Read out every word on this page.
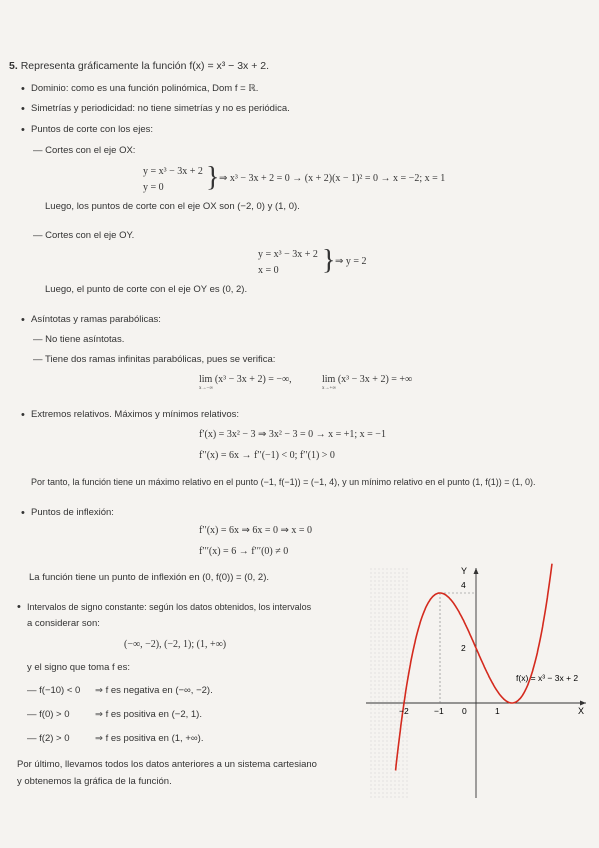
5. Representa gráficamente la función f(x) = x³ − 3x + 2.
• Dominio: como es una función polinómica, Dom f = ℝ.
• Simetrías y periodicidad: no tiene simetrías y no es periódica.
• Puntos de corte con los ejes:
— Cortes con el eje OX:
y = x³ − 3x + 2
y = 0 } ⇒ x³ − 3x + 2 = 0 → (x + 2)(x − 1)² = 0 → x = −2; x = 1
Luego, los puntos de corte con el eje OX son (−2, 0) y (1, 0).
— Cortes con el eje OY.
y = x³ − 3x + 2
x = 0 } ⇒ y = 2
Luego, el punto de corte con el eje OY es (0, 2).
• Asíntotas y ramas parabólicas:
— No tiene asíntotas.
— Tiene dos ramas infinitas parabólicas, pues se verifica:
lim (x³ − 3x + 2) = −∞,
x→−∞
lim (x³ − 3x + 2) = +∞
x→+∞
• Extremos relativos. Máximos y mínimos relativos:
f′(x) = 3x² − 3 ⇒ 3x² − 3 = 0 → x = +1; x = −1
f′′(x) = 6x → f′′(−1) < 0; f′′(1) > 0
Por tanto, la función tiene un máximo relativo en el punto (−1, f(−1)) = (−1, 4), y un mínimo relativo en el punto (1, f(1)) = (1, 0).
• Puntos de inflexión:
f′′(x) = 6x ⇒ 6x = 0 ⇒ x = 0
f′′′(x) = 6 → f′′′(0) ≠ 0
La función tiene un punto de inflexión en (0, f(0)) = (0, 2).
• Intervalos de signo constante: según los datos obtenidos, los intervalos
a considerar son:
(−∞, −2), (−2, 1); (1, +∞)
y el signo que toma f es:
— f(−10) < 0 ⇒ f es negativa en (−∞, −2).
— f(0) > 0	⇒ f es positiva en (−2, 1).
— f(2) > 0	⇒ f es positiva en (1, +∞).
Por último, llevamos todos los datos anteriores a un sistema cartesiano
y obtenemos la gráfica de la función.
Y
X
4
2
−2	−1 0	1
f(x) = x³ − 3x + 2
